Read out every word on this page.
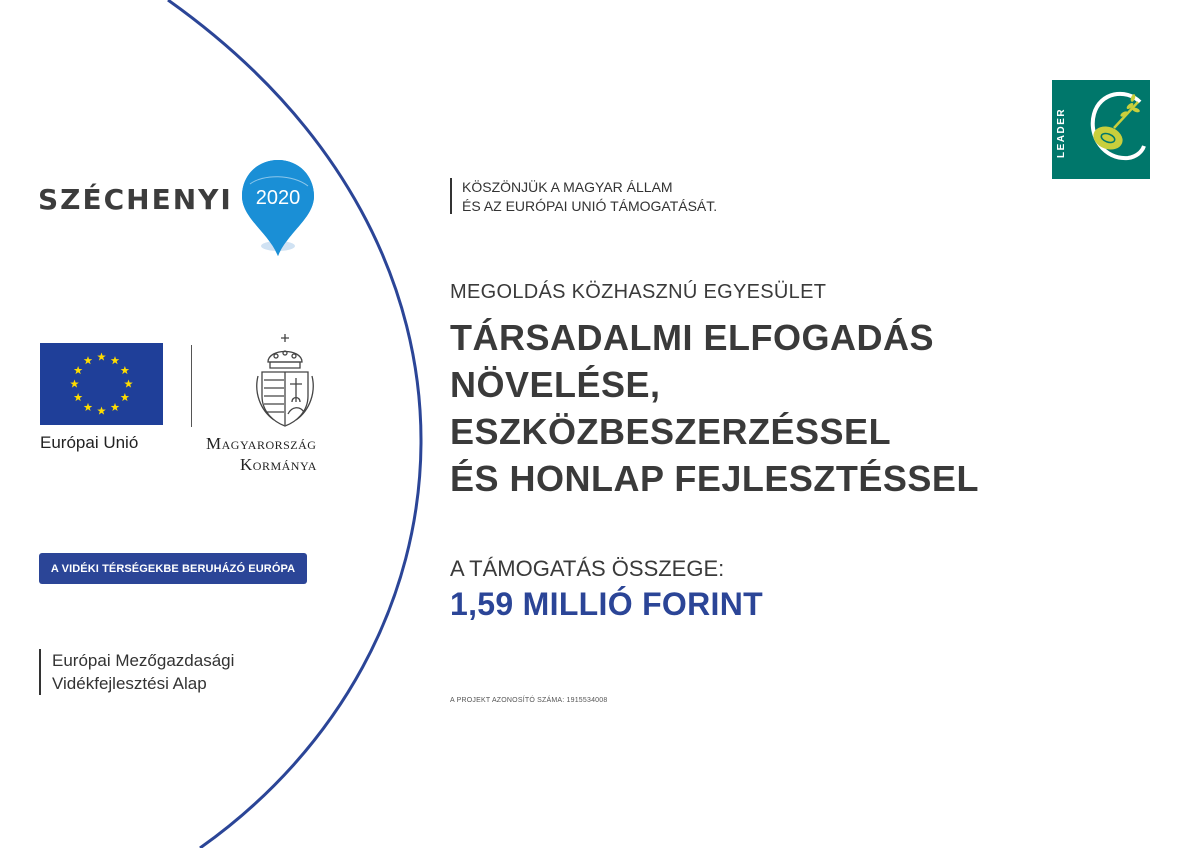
SZÉCHENYI 2020
Európai Unió	Magyarország
Kormánya
A VIDÉKI TÉRSÉGEKBE BERUHÁZÓ EURÓPA
Európai Mezőgazdasági
Vidékfejlesztési Alap
KÖSZÖNJÜK A MAGYAR ÁLLAM
ÉS AZ EURÓPAI UNIÓ TÁMOGATÁSÁT.
MEGOLDÁS KÖZHASZNÚ EGYESÜLET
TÁRSADALMI ELFOGADÁS
NÖVELÉSE,
ESZKÖZBESZERZÉSSEL
ÉS HONLAP FEJLESZTÉSSEL
A TÁMOGATÁS ÖSSZEGE:
1,59 MILLIÓ FORINT
A PROJEKT AZONOSÍTÓ SZÁMA: 1915534008
LEADER
